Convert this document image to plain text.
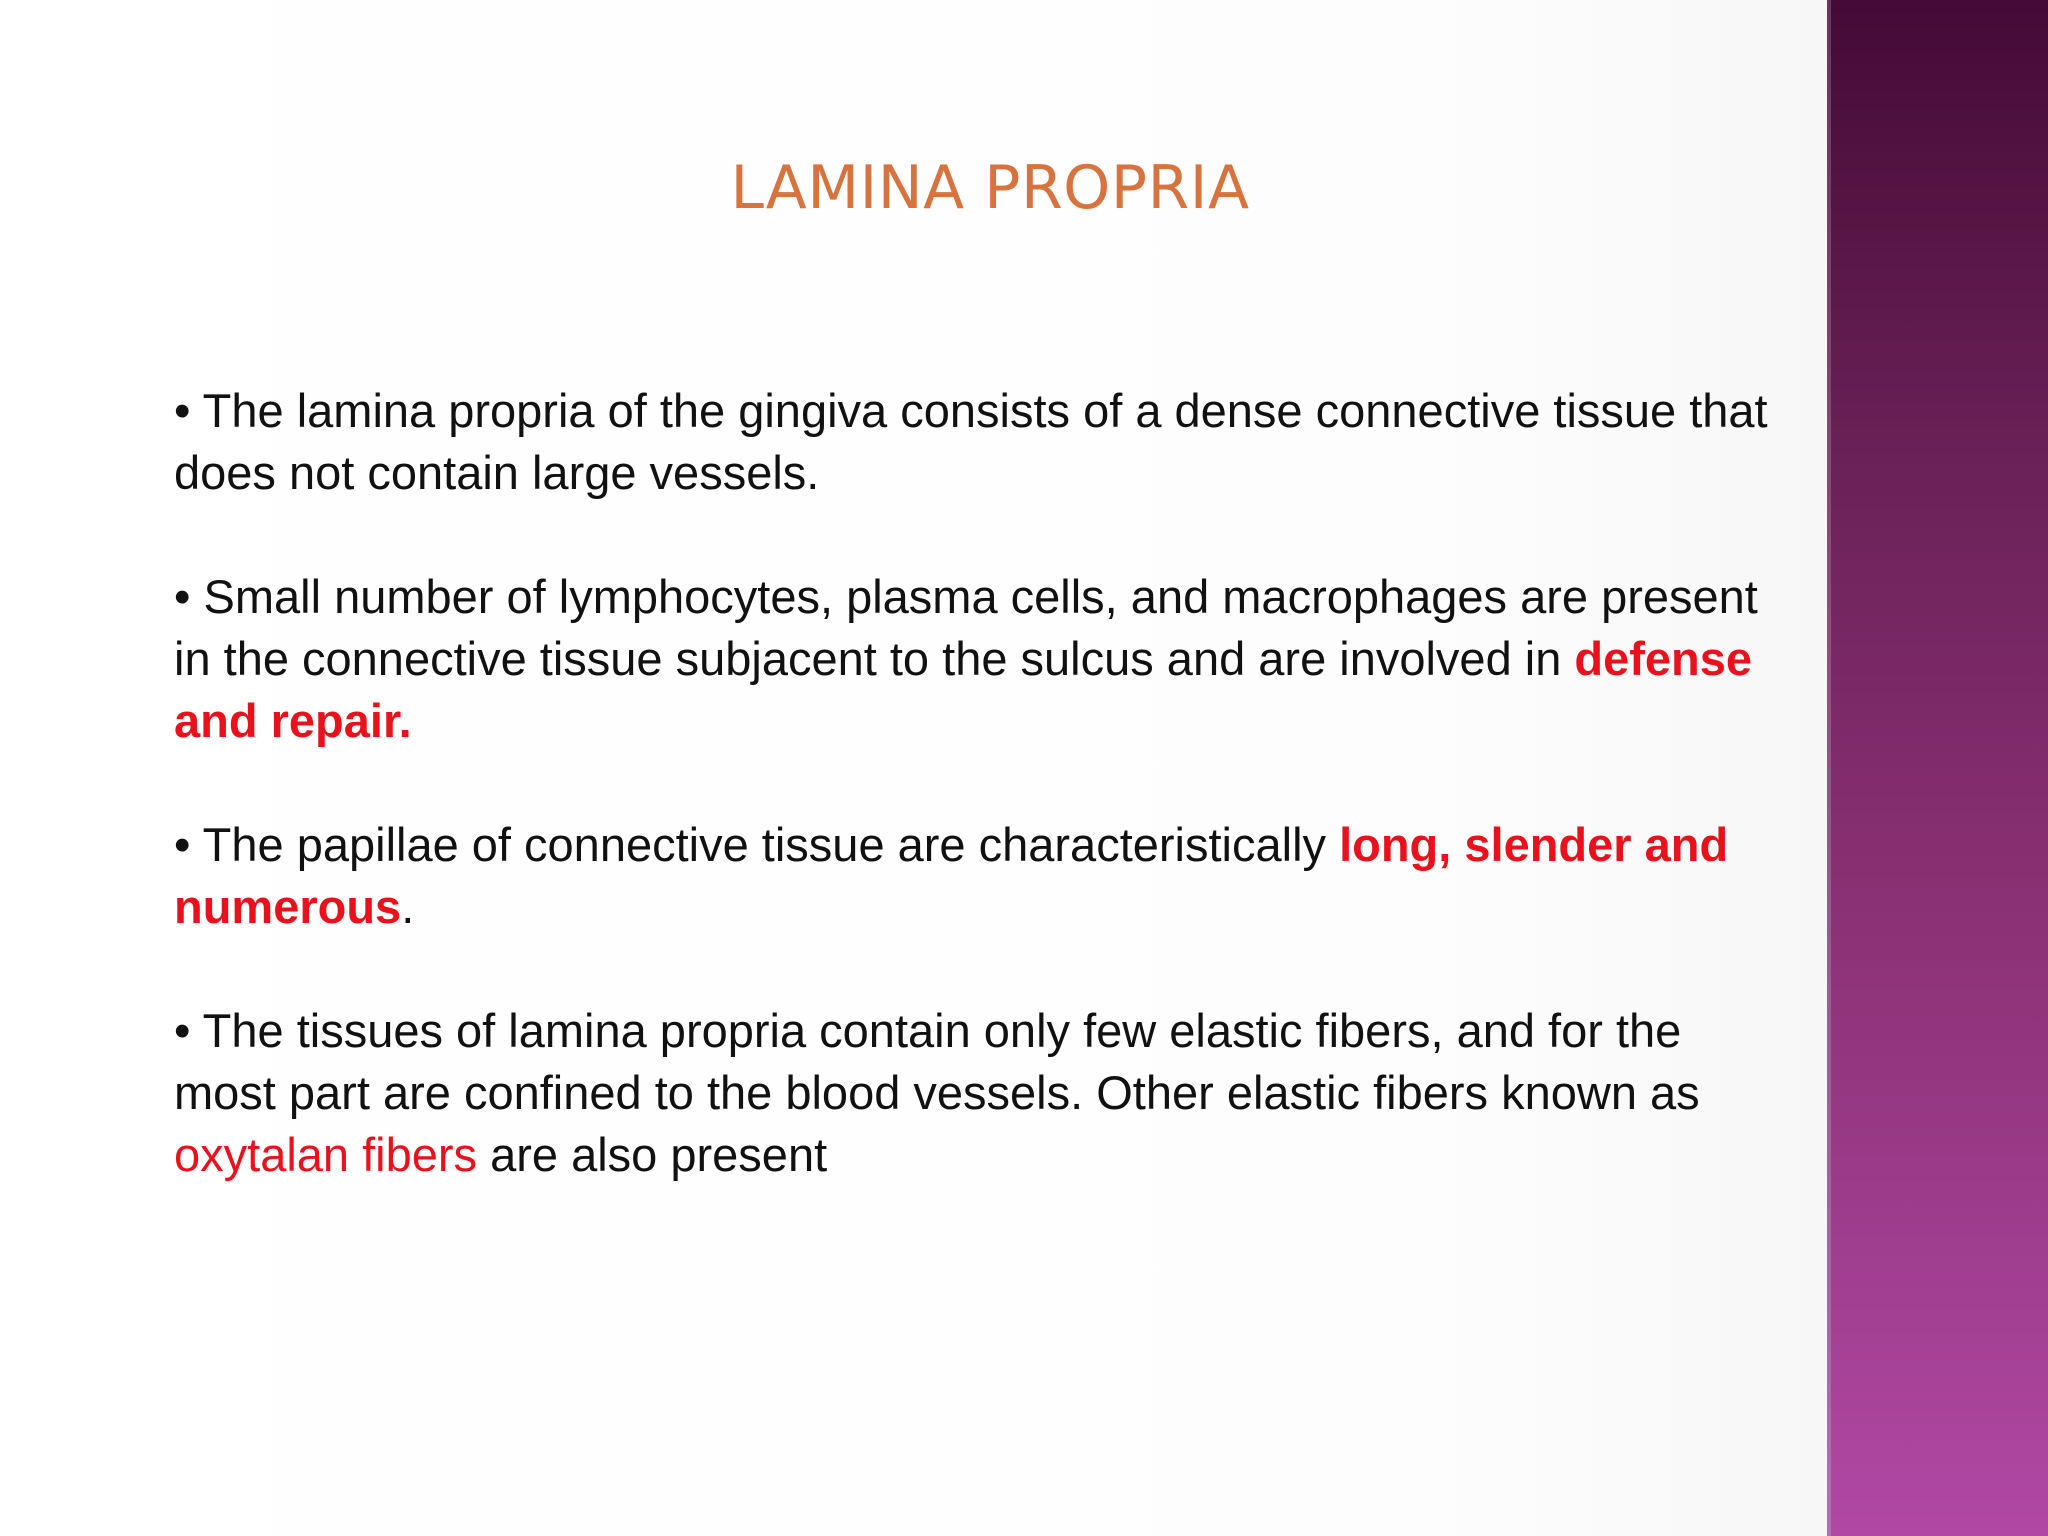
LAMINA PROPRIA
• The lamina propria of the gingiva consists of a dense connective tissue that does not contain large vessels.
• Small number of lymphocytes, plasma cells, and macrophages are present in the connective tissue subjacent to the sulcus and are involved in defense and repair.
• The papillae of connective tissue are characteristically long, slender and numerous.
• The tissues of lamina propria contain only few elastic fibers, and for the most part are confined to the blood vessels. Other elastic fibers known as oxytalan fibers are also present
